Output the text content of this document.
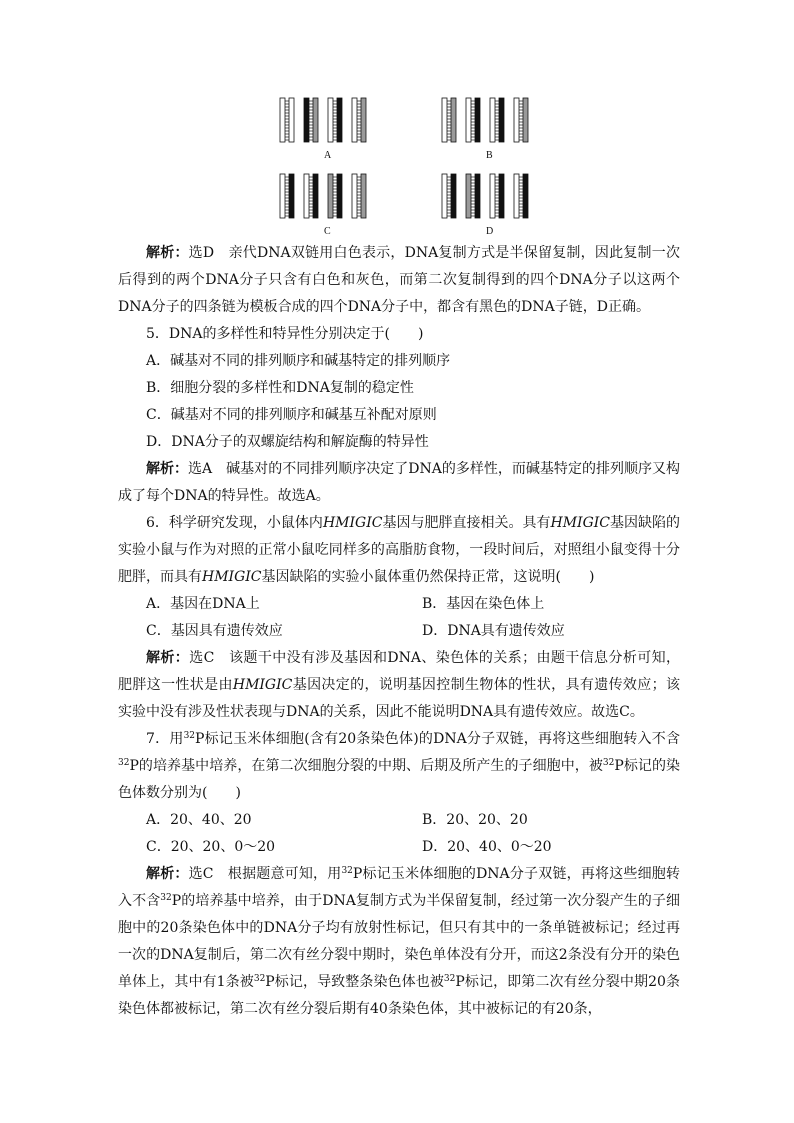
A	B
C	D

解析：选D　亲代DNA双链用白色表示，DNA复制方式是半保留复制，因此复制一次后得到的两个DNA分子只含有白色和灰色，而第二次复制得到的四个DNA分子以这两个DNA分子的四条链为模板合成的四个DNA分子中，都含有黑色的DNA子链，D正确。

5．DNA的多样性和特异性分别决定于(　　)

A．碱基对不同的排列顺序和碱基特定的排列顺序

B．细胞分裂的多样性和DNA复制的稳定性

C．碱基对不同的排列顺序和碱基互补配对原则

D．DNA分子的双螺旋结构和解旋酶的特异性

解析：选A　碱基对的不同排列顺序决定了DNA的多样性，而碱基特定的排列顺序又构成了每个DNA的特异性。故选A。

6．科学研究发现，小鼠体内HMIGIC基因与肥胖直接相关。具有HMIGIC基因缺陷的实验小鼠与作为对照的正常小鼠吃同样多的高脂肪食物，一段时间后，对照组小鼠变得十分肥胖，而具有HMIGIC基因缺陷的实验小鼠体重仍然保持正常，这说明(　　)

A．基因在DNA上	B．基因在染色体上
C．基因具有遗传效应	D．DNA具有遗传效应

解析：选C　该题干中没有涉及基因和DNA、染色体的关系；由题干信息分析可知，肥胖这一性状是由HMIGIC基因决定的，说明基因控制生物体的性状，具有遗传效应；该实验中没有涉及性状表现与DNA的关系，因此不能说明DNA具有遗传效应。故选C。

7．用$^{32}$P标记玉米体细胞(含有20条染色体)的DNA分子双链，再将这些细胞转入不含$^{32}$P的培养基中培养，在第二次细胞分裂的中期、后期及所产生的子细胞中，被$^{32}$P标记的染色体数分别为(　　)

A．20、40、20	B．20、20、20
C．20、20、0～20	D．20、40、0～20

解析：选C　根据题意可知，用$^{32}$P标记玉米体细胞的DNA分子双链，再将这些细胞转入不含$^{32}$P的培养基中培养，由于DNA复制方式为半保留复制，经过第一次分裂产生的子细胞中的20条染色体中的DNA分子均有放射性标记，但只有其中的一条单链被标记；经过再一次的DNA复制后，第二次有丝分裂中期时，染色单体没有分开，而这2条没有分开的染色单体上，其中有1条被$^{32}$P标记，导致整条染色体也被$^{32}$P标记，即第二次有丝分裂中期20条染色体都被标记，第二次有丝分裂后期有40条染色体，其中被标记的有20条，
